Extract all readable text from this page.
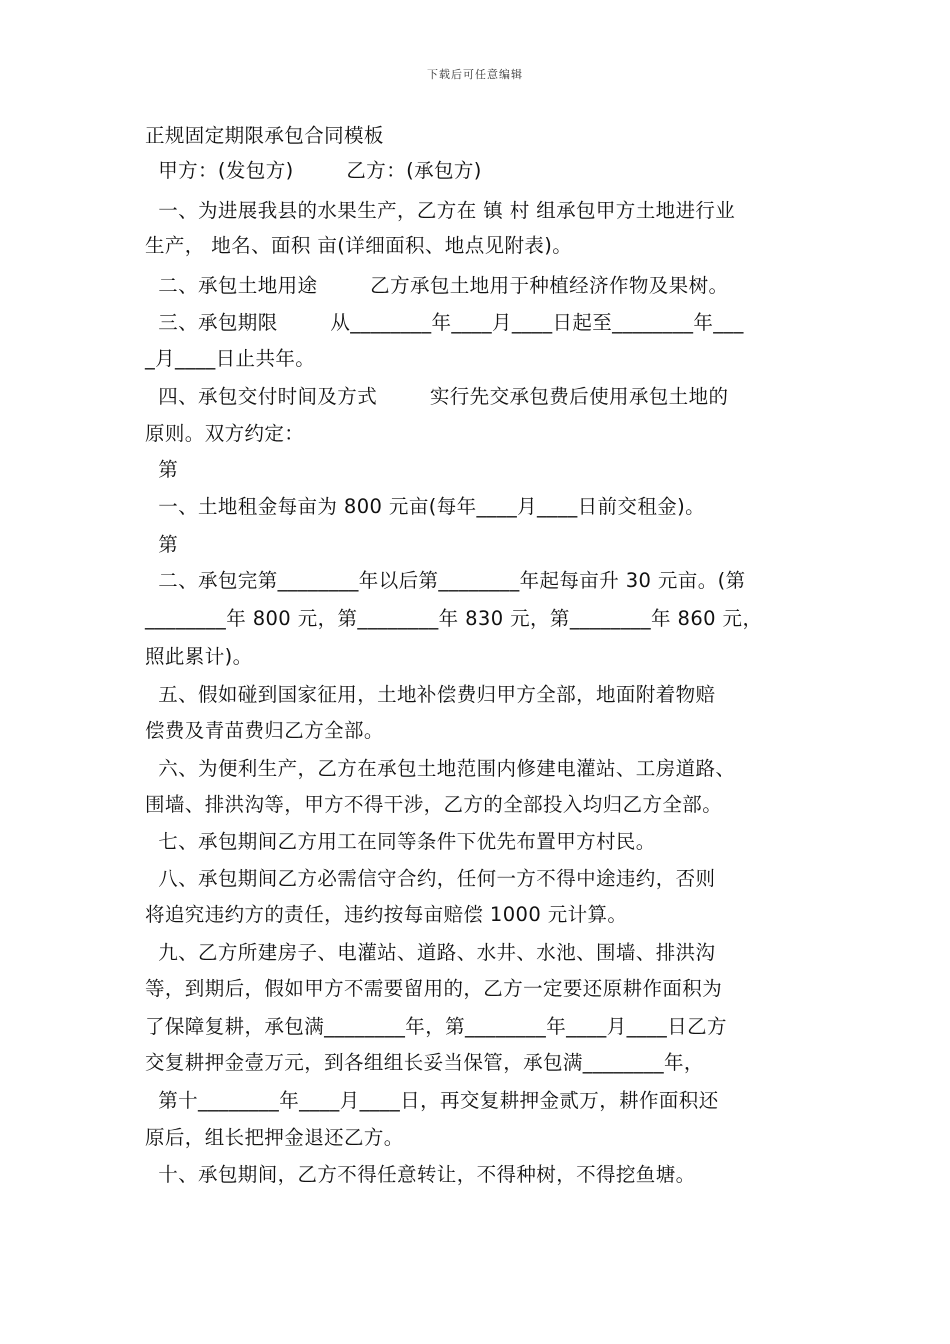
下载后可任意编辑
正规固定期限承包合同模板
甲方：(发包方)        乙方：(承包方)
一、为进展我县的水果生产，乙方在 镇 村 组承包甲方土地进行业
生产， 地名、面积 亩(详细面积、地点见附表)。
二、承包土地用途        乙方承包土地用于种植经济作物及果树。
三、承包期限        从________年____月____日起至________年___
_月____日止共年。
四、承包交付时间及方式        实行先交承包费后使用承包土地的
原则。双方约定：
第
一、土地租金每亩为 800 元亩(每年____月____日前交租金)。
第
二、承包完第________年以后第________年起每亩升 30 元亩。(第
________年 800 元，第________年 830 元，第________年 860 元，
照此累计)。
五、假如碰到国家征用，土地补偿费归甲方全部，地面附着物赔
偿费及青苗费归乙方全部。
六、为便利生产，乙方在承包土地范围内修建电灌站、工房道路、
围墙、排洪沟等，甲方不得干涉，乙方的全部投入均归乙方全部。
七、承包期间乙方用工在同等条件下优先布置甲方村民。
八、承包期间乙方必需信守合约，任何一方不得中途违约，否则
将追究违约方的责任，违约按每亩赔偿 1000 元计算。
九、乙方所建房子、电灌站、道路、水井、水池、围墙、排洪沟
等，到期后，假如甲方不需要留用的，乙方一定要还原耕作面积为
了保障复耕，承包满________年，第________年____月____日乙方
交复耕押金壹万元，到各组组长妥当保管，承包满________年，
第十________年____月____日，再交复耕押金贰万，耕作面积还
原后，组长把押金退还乙方。
十、承包期间，乙方不得任意转让，不得种树，不得挖鱼塘。
